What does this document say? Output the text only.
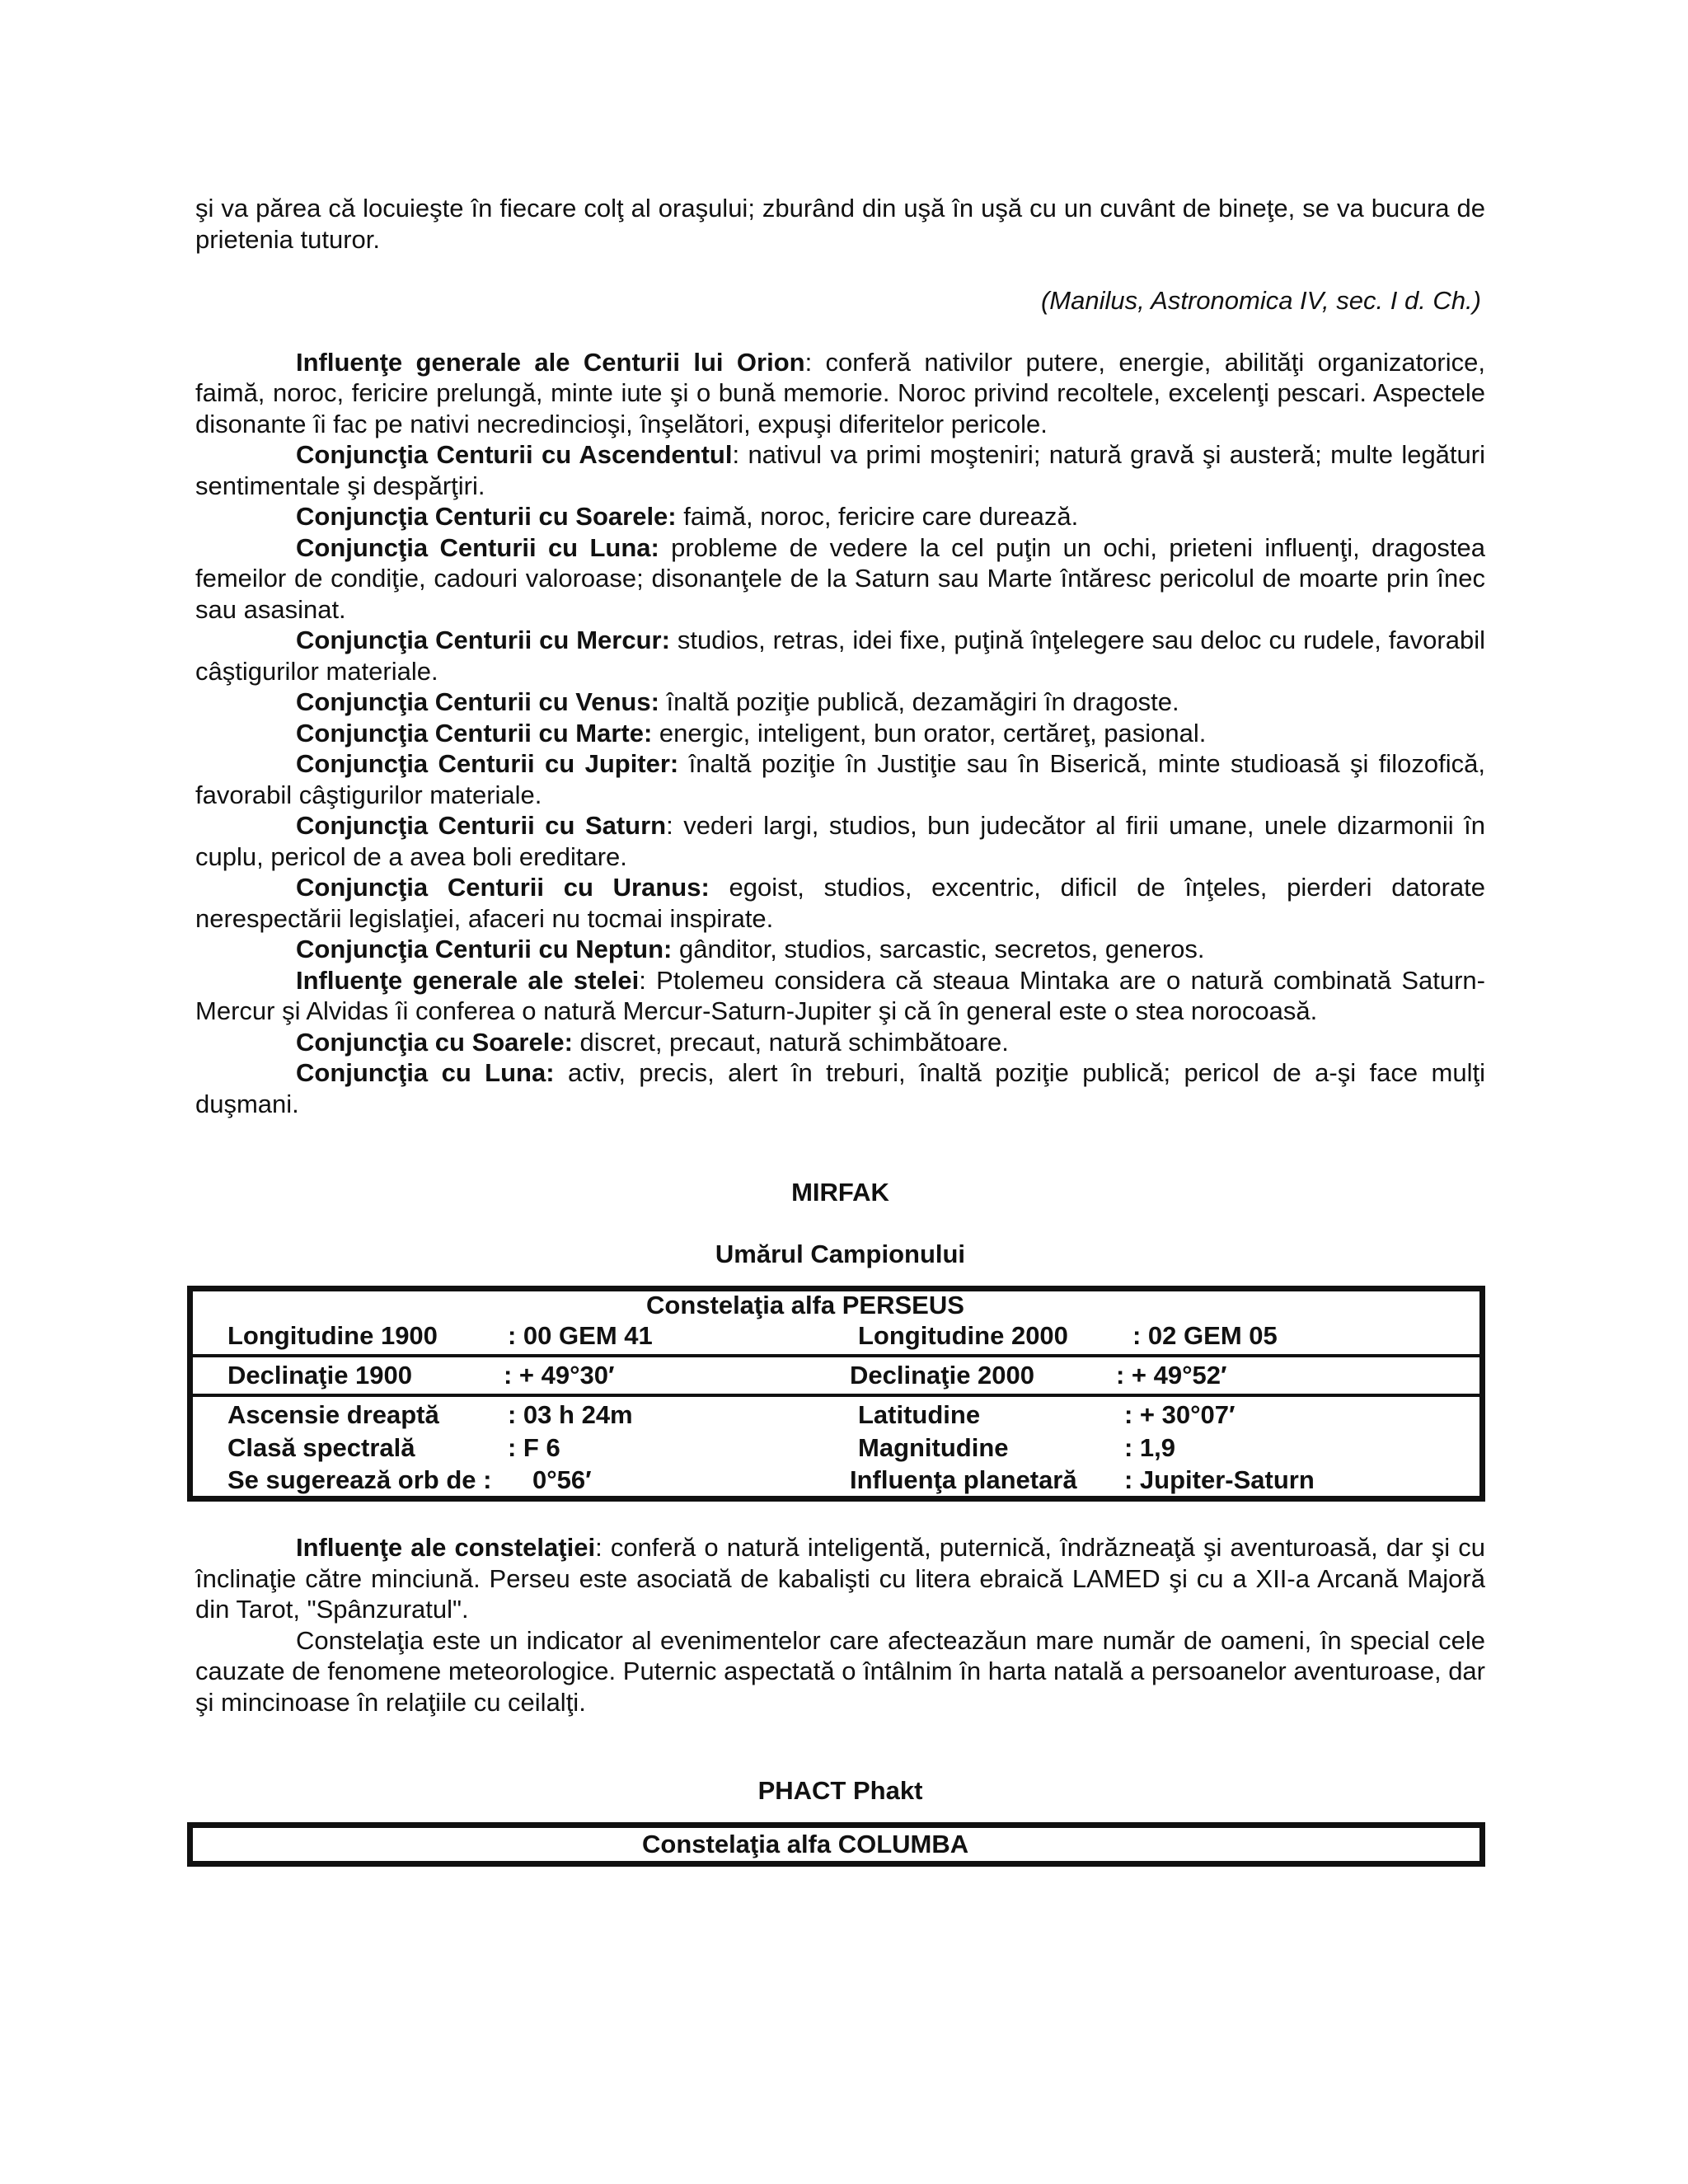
şi va părea că locuieşte în fiecare colţ al oraşului; zburând din uşă în uşă cu un cuvânt de bineţe, se va bucura de prietenia tuturor.

(Manilus, Astronomica IV, sec. I d. Ch.)

Influenţe generale ale Centurii lui Orion: conferă nativilor putere, energie, abilităţi organizatorice, faimă, noroc, fericire prelungă, minte iute şi o bună memorie. Noroc privind recoltele, excelenţi pescari. Aspectele disonante îi fac pe nativi necredincioşi, înşelători, expuşi diferitelor pericole.

Conjuncţia Centurii cu Ascendentul: nativul va primi moşteniri; natură gravă şi austeră; multe legături sentimentale şi despărţiri.

Conjuncţia Centurii cu Soarele: faimă, noroc, fericire care durează.

Conjuncţia Centurii cu Luna: probleme de vedere la cel puţin un ochi, prieteni influenţi, dragostea femeilor de condiţie, cadouri valoroase; disonanţele de la Saturn sau Marte întăresc pericolul de moarte prin înec sau asasinat.

Conjuncţia Centurii cu Mercur: studios, retras, idei fixe, puţină înţelegere sau deloc cu rudele, favorabil câştigurilor materiale.

Conjuncţia Centurii cu Venus: înaltă poziţie publică, dezamăgiri în dragoste.

Conjuncţia Centurii cu Marte: energic, inteligent, bun orator, certăreţ, pasional.

Conjuncţia Centurii cu Jupiter: înaltă poziţie în Justiţie sau în Biserică, minte studioasă şi filozofică, favorabil câştigurilor materiale.

Conjuncţia Centurii cu Saturn: vederi largi, studios, bun judecător al firii umane, unele dizarmonii în cuplu, pericol de a avea boli ereditare.

Conjuncţia Centurii cu Uranus: egoist, studios, excentric, dificil de înţeles, pierderi datorate nerespectării legislaţiei, afaceri nu tocmai inspirate.

Conjuncţia Centurii cu Neptun: gânditor, studios, sarcastic, secretos, generos.

Influenţe generale ale stelei: Ptolemeu considera că steaua Mintaka are o natură combinată Saturn-Mercur şi Alvidas îi conferea o natură Mercur-Saturn-Jupiter şi că în general este o stea norocoasă.

Conjuncţia cu Soarele: discret, precaut, natură schimbătoare.

Conjuncţia cu Luna: activ, precis, alert în treburi, înaltă poziţie publică; pericol de a-şi face mulţi duşmani.

MIRFAK

Umărul Campionului

Constelaţia alfa PERSEUS
Longitudine 1900	: 00 GEM 41	Longitudine 2000	: 02 GEM 05
Declinaţie 1900	: + 49°30′	Declinaţie 2000	: + 49°52′
Ascensie dreaptă	: 03 h 24m	Latitudine	: + 30°07′
Clasă spectrală	: F 6	Magnitudine	: 1,9
Se sugerează orb de : 0°56′	Influenţa planetară : Jupiter-Saturn

Influenţe ale constelaţiei: conferă o natură inteligentă, puternică, îndrăzneaţă şi aventuroasă, dar şi cu înclinaţie către minciună. Perseu este asociată de kabalişti cu litera ebraică LAMED şi cu a XII-a Arcană Majoră din Tarot, "Spânzuratul".

Constelaţia este un indicator al evenimentelor care afecteazăun mare număr de oameni, în special cele cauzate de fenomene meteorologice. Puternic aspectată o întâlnim în harta natală a persoanelor aventuroase, dar şi mincinoase în relaţiile cu ceilalţi.

PHACT Phakt

Constelaţia alfa COLUMBA
